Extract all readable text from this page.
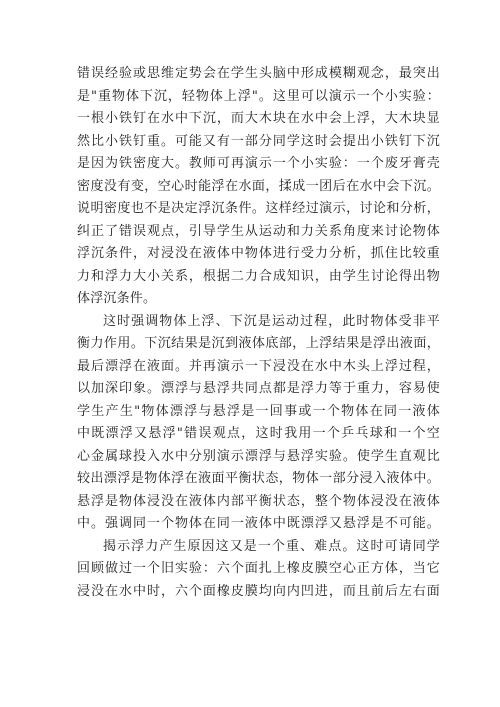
错误经验或思维定势会在学生头脑中形成模糊观念，最突出
是"重物体下沉，轻物体上浮"。这里可以演示一个小实验：
一根小铁钉在水中下沉，而大木块在水中会上浮，大木块显
然比小铁钉重。可能又有一部分同学这时会提出小铁钉下沉
是因为铁密度大。教师可再演示一个小实验：一个废牙膏壳
密度没有变，空心时能浮在水面，揉成一团后在水中会下沉。
说明密度也不是决定浮沉条件。这样经过演示，讨论和分析，
纠正了错误观点，引导学生从运动和力关系角度来讨论物体
浮沉条件，对浸没在液体中物体进行受力分析，抓住比较重
力和浮力大小关系，根据二力合成知识，由学生讨论得出物
体浮沉条件。
这时强调物体上浮、下沉是运动过程，此时物体受非平
衡力作用。下沉结果是沉到液体底部，上浮结果是浮出液面，
最后漂浮在液面。并再演示一下浸没在水中木头上浮过程，
以加深印象。漂浮与悬浮共同点都是浮力等于重力，容易使
学生产生"物体漂浮与悬浮是一回事或一个物体在同一液体
中既漂浮又悬浮"错误观点，这时我用一个乒乓球和一个空
心金属球投入水中分别演示漂浮与悬浮实验。使学生直观比
较出漂浮是物体浮在液面平衡状态，物体一部分浸入液体中。
悬浮是物体浸没在液体内部平衡状态，整个物体浸没在液体
中。强调同一个物体在同一液体中既漂浮又悬浮是不可能。
揭示浮力产生原因这又是一个重、难点。这时可请同学
回顾做过一个旧实验：六个面扎上橡皮膜空心正方体，当它
浸没在水中时，六个面橡皮膜均向内凹进，而且前后左右面
